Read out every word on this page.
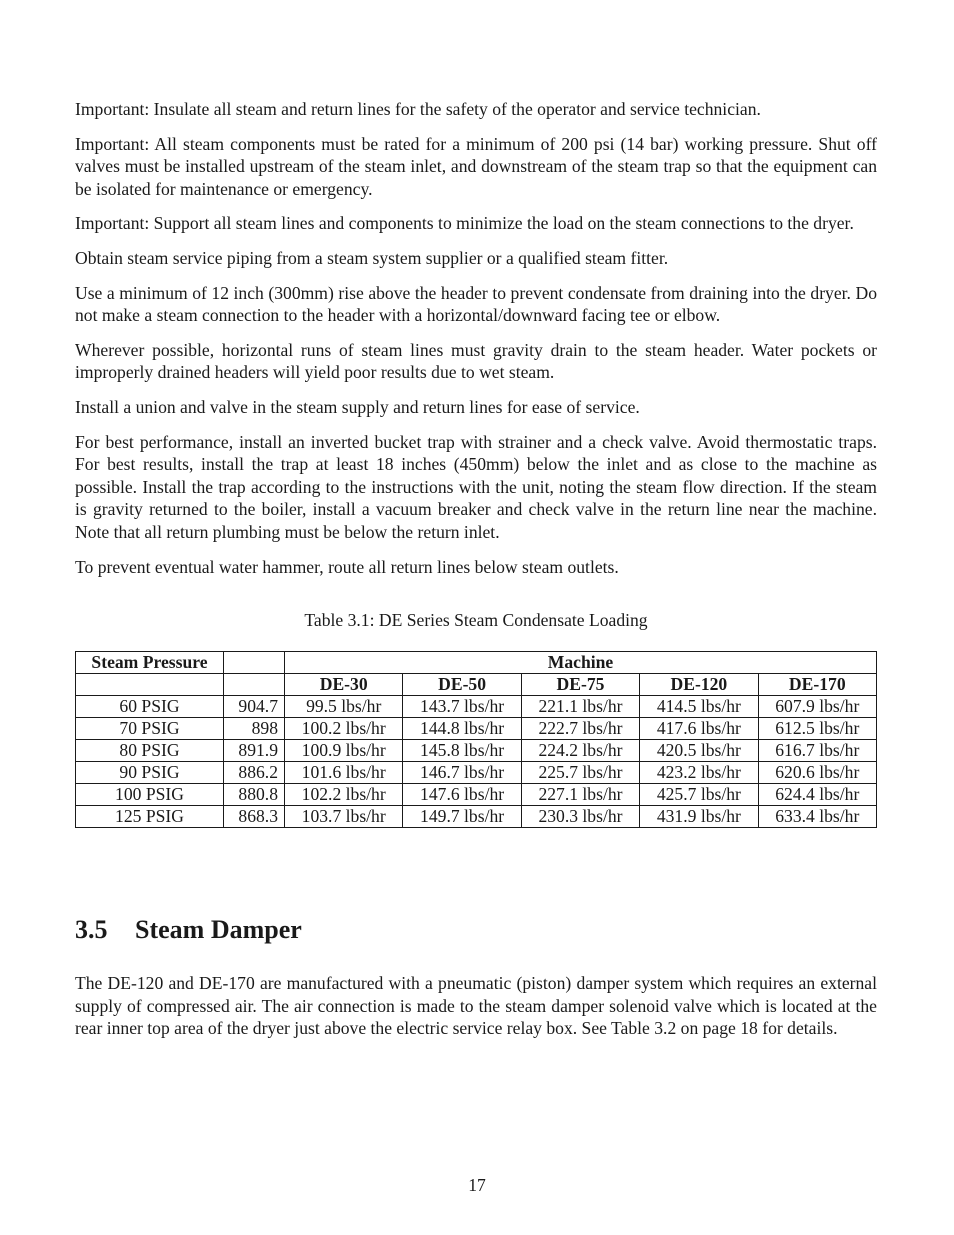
Important: Insulate all steam and return lines for the safety of the operator and service technician.

Important: All steam components must be rated for a minimum of 200 psi (14 bar) working pressure. Shut off valves must be installed upstream of the steam inlet, and downstream of the steam trap so that the equipment can be isolated for maintenance or emergency.

Important: Support all steam lines and components to minimize the load on the steam connections to the dryer.

Obtain steam service piping from a steam system supplier or a qualified steam fitter.

Use a minimum of 12 inch (300mm) rise above the header to prevent condensate from draining into the dryer. Do not make a steam connection to the header with a horizontal/downward facing tee or elbow.

Wherever possible, horizontal runs of steam lines must gravity drain to the steam header. Water pockets or improperly drained headers will yield poor results due to wet steam.

Install a union and valve in the steam supply and return lines for ease of service.

For best performance, install an inverted bucket trap with strainer and a check valve. Avoid thermostatic traps. For best results, install the trap at least 18 inches (450mm) below the inlet and as close to the machine as possible. Install the trap according to the instructions with the unit, noting the steam flow direction. If the steam is gravity returned to the boiler, install a vacuum breaker and check valve in the return line near the machine. Note that all return plumbing must be below the return inlet.

To prevent eventual water hammer, route all return lines below steam outlets.

Table 3.1: DE Series Steam Condensate Loading
Steam Pressure		Machine				
		DE-30	DE-50	DE-75	DE-120	DE-170
60 PSIG	904.7	99.5 lbs/hr	143.7 lbs/hr	221.1 lbs/hr	414.5 lbs/hr	607.9 lbs/hr
70 PSIG	898	100.2 lbs/hr	144.8 lbs/hr	222.7 lbs/hr	417.6 lbs/hr	612.5 lbs/hr
80 PSIG	891.9	100.9 lbs/hr	145.8 lbs/hr	224.2 lbs/hr	420.5 lbs/hr	616.7 lbs/hr
90 PSIG	886.2	101.6 lbs/hr	146.7 lbs/hr	225.7 lbs/hr	423.2 lbs/hr	620.6 lbs/hr
100 PSIG	880.8	102.2 lbs/hr	147.6 lbs/hr	227.1 lbs/hr	425.7 lbs/hr	624.4 lbs/hr
125 PSIG	868.3	103.7 lbs/hr	149.7 lbs/hr	230.3 lbs/hr	431.9 lbs/hr	633.4 lbs/hr
3.5 Steam Damper

The DE-120 and DE-170 are manufactured with a pneumatic (piston) damper system which requires an external supply of compressed air. The air connection is made to the steam damper solenoid valve which is located at the rear inner top area of the dryer just above the electric service relay box. See Table 3.2 on page 18 for details.

17
